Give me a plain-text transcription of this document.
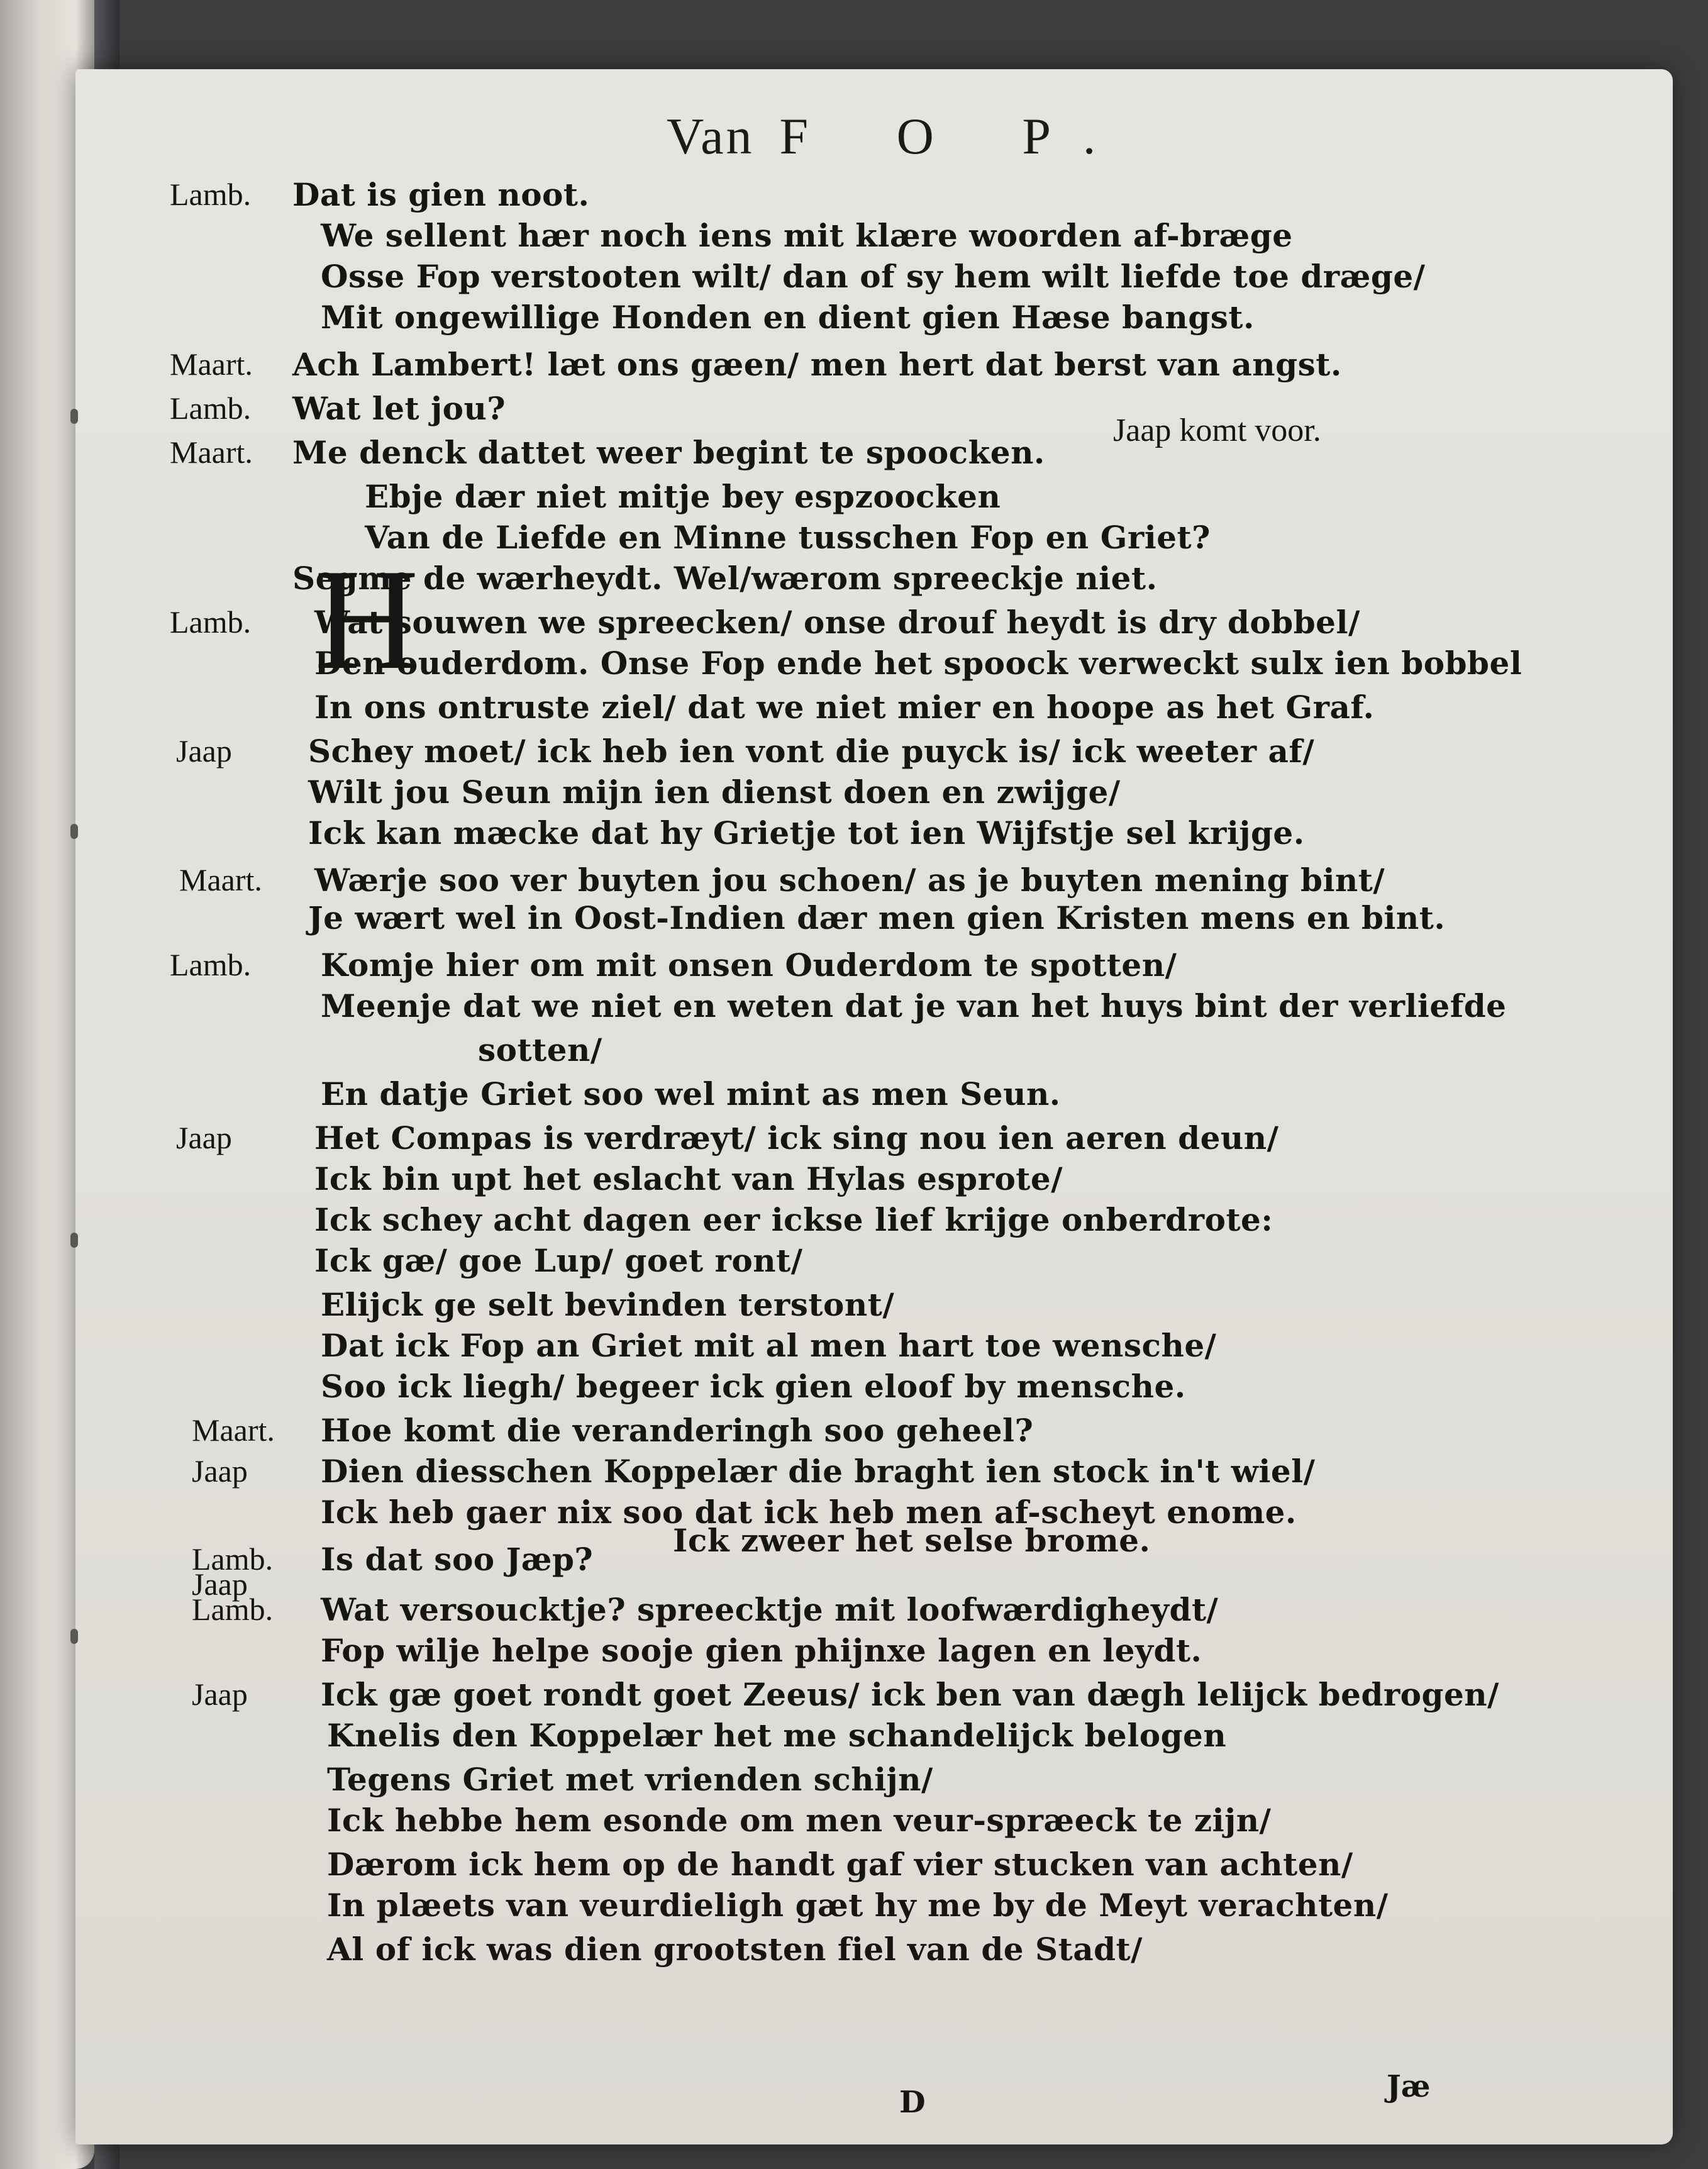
Van F O P.
H
Jaap komt voor.
Lamb. Dat is gien noot.
We sellent hær noch iens mit klære woorden af-bræge
Osse Fop verstooten wilt/ dan of sy hem wilt liefde toe dræge/
Mit ongewillige Honden en dient gien Hæse bangst.
Maart. Ach Lambert! læt ons gæen/ men hert dat berst van angst.
Lamb. Wat let jou?
Maart. Me denck dattet weer begint te spoocken.
Ebje dær niet mitje bey espzoocken
Van de Liefde en Minne tusschen Fop en Griet?
Segme de wærheydt. Wel/wærom spreeckje niet.
Lamb. Wat souwen we spreecken/ onse drouf heydt is dry dobbel/
Den ouderdom. Onse Fop ende het spoock verweckt sulx ien bobbel
In ons ontruste ziel/ dat we niet mier en hoope as het Graf.
Jaap Schey moet/ ick heb ien vont die puyck is/ ick weeter af/
Wilt jou Seun mijn ien dienst doen en zwijge/
Ick kan mæcke dat hy Grietje tot ien Wijfstje sel krijge.
Maart. Wærje soo ver buyten jou schoen/ as je buyten mening bint/
Je wært wel in Oost-Indien dær men gien Kristen mens en bint.
Lamb. Komje hier om mit onsen Ouderdom te spotten/
Meenje dat we niet en weten dat je van het huys bint der verliefde
sotten/
En datje Griet soo wel mint as men Seun.
Jaap	Het Compas is verdræyt/ ick sing nou ien aeren deun/
Ick bin upt het eslacht van Hylas esprote/
Ick schey acht dagen eer ickse lief krijge onberdrote:
Ick gæ/ goe Lup/ goet ront/
Elijck ge selt bevinden terstont/
Dat ick Fop an Griet mit al men hart toe wensche/
Soo ick liegh/ begeer ick gien eloof by mensche.
Maart. Hoe komt die veranderingh soo geheel?
Jaap Dien diesschen Koppelær die braght ien stock in't wiel/
Ick heb gaer nix soo dat ick heb men af-scheyt enome.
Lamb. Is dat soo Jæp?
Jaap
Ick zweer het selse brome.
Lamb. Wat versoucktje? spreecktje mit loofwærdigheydt/
Fop wilje helpe sooje gien phijnxe lagen en leydt.
Jaap Ick gæ goet rondt goet Zeeus/ ick ben van dægh lelijck bedrogen/
Knelis den Koppelær het me schandelijck belogen
Tegens Griet met vrienden schijn/
Ick hebbe hem esonde om men veur-spræeck te zijn/
Dærom ick hem op de handt gaf vier stucken van achten/
In plæets van veurdieligh gæt hy me by de Meyt verachten/
Al of ick was dien grootsten fiel van de Stadt/
D	Jæ
